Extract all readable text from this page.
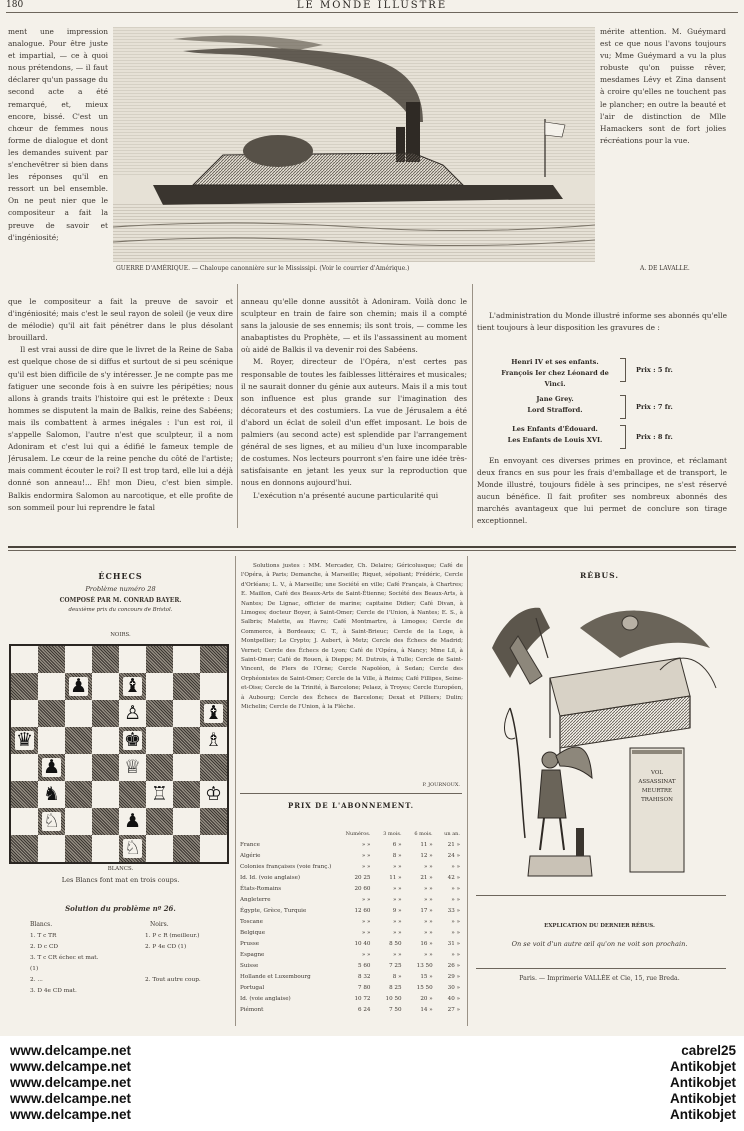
180	LE MONDE ILLUSTRÉ

ment une impression analogue. Pour être juste et impartial, — ce à quoi nous prétendons, — il faut déclarer qu'un passage du second acte a été remarqué, et, mieux encore, bissé. C'est un chœur de femmes nous forme de dialogue et dont les demandes suivent par s'enchevêtrer si bien dans les réponses qu'il en ressort un bel ensemble. On ne peut nier que le compositeur a fait la preuve de savoir et d'ingéniosité;

GUERRE D'AMÉRIQUE. — Chaloupe canonnière sur le Mississipi. (Voir le courrier d'Amérique.)	A. DE LAVALLE.

mérite attention. M. Guéymard est ce que nous l'avons toujours vu; Mme Guéymard a vu la plus robuste qu'on puisse rêver, mesdames Lévy et Zina dansent à croire qu'elles ne touchent pas le plancher; en outre la beauté et l'air de distinction de Mlle Hamackers sont de fort jolies récréations pour la vue.

que le compositeur a fait la preuve de savoir et d'ingéniosité; mais c'est le seul rayon de soleil (je veux dire de mélodie) qu'il ait fait pénétrer dans le plus désolant brouillard.

Il est vrai aussi de dire que le livret de la Reine de Saba est quelque chose de si diffus et surtout de si peu scénique qu'il est bien difficile de s'y intéresser. Je ne compte pas me fatiguer une seconde fois à en suivre les péripéties; nous allons à grands traits l'histoire qui est le prétexte : Deux hommes se disputent la main de Balkis, reine des Sabéens; mais ils combattent à armes inégales : l'un est roi, il s'appelle Salomon, l'autre n'est que sculpteur, il a nom Adoniram et c'est lui qui a édifié le fameux temple de Jérusalem. Le cœur de la reine penche du côté de l'artiste; mais comment écouter le roi? Il est trop tard, elle lui a déjà donné son anneau!... Eh! mon Dieu, c'est bien simple. Balkis endormira Salomon au narcotique, et elle profite de son sommeil pour lui reprendre le fatal

anneau qu'elle donne aussitôt à Adoniram. Voilà donc le sculpteur en train de faire son chemin; mais il a compté sans la jalousie de ses ennemis; ils sont trois, — comme les anabaptistes du Prophète, — et ils l'assassinent au moment où aidé de Balkis il va devenir roi des Sabéens.

M. Royer, directeur de l'Opéra, n'est certes pas responsable de toutes les faiblesses littéraires et musicales; il ne saurait donner du génie aux auteurs. Mais il a mis tout son influence est plus grande sur l'imagination des décorateurs et des costumiers. La vue de Jérusalem a été d'abord un éclat de soleil d'un effet imposant. Le bois de palmiers (au second acte) est splendide par l'arrangement général de ses lignes, et au milieu d'un luxe incomparable de costumes. Nos lecteurs pourront s'en faire une idée très-satisfaisante en jetant les yeux sur la reproduction que nous en donnons aujourd'hui.

L'exécution n'a présenté aucune particularité qui

L'administration du Monde illustré informe ses abonnés qu'elle tient toujours à leur disposition les gravures de :

Henri IV et ses enfants.
François Ier chez Léonard de Vinci.
Prix : 5 fr.
Jane Grey.
Lord Strafford.	Prix : 7 fr.
Les Enfants d'Édouard.
Les Enfants de Louis XVI.	Prix : 8 fr.

En envoyant ces diverses primes en province, et réclamant deux francs en sus pour les frais d'emballage et de transport, le Monde illustré, toujours fidèle à ses principes, ne s'est réservé aucun bénéfice. Il fait profiter ses nombreux abonnés des marchés avantageux que lui permet de conclure son tirage exceptionnel.

ÉCHECS
Problème numéro 28
COMPOSÉ PAR M. CONRAD BAYER.
deuxième prix du concours de Bristol.
NOIRS.
♟ ♝
♙	♝
♛	♚	♗
♟	♕
♞	♖ ♔
♘	♟
♘
BLANCS.
Les Blancs font mat en trois coups.
Solution du problème nº 26.
Blancs.	Noirs.

Solutions justes : MM. Mercader, Ch. Delaire; Géricolusque; Café de l'Opéra, à Paris; Demanche, à Marseille; Riquet, sépoliant; Frédéric, Cercle d'Orléans; L. V., à Marseille; une Société en ville; Café Français, à Chartres; E. Maillon, Café des Beaux-Arts de Saint-Étienne; Société des Beaux-Arts, à Nantes; De Lignac, officier de marine; capitaine Didier; Café Divan, à Limoges; docteur Boyer, à Saint-Omer; Cercle de l'Union, à Nantes; E. S., à Salbris; Malette, au Havre; Café Montmartre, à Limoges; Cercle de Commerce, à Bordeaux; C. T., à Saint-Brieuc; Cercle de la Loge, à Montpellier; Le Crypto; J. Aubert, à Metz; Cercle des Échecs de Madrid; Vernet; Cercle des Échecs de Lyon; Café de l'Opéra, à Nancy; Mme Lil, à Saint-Omer; Café de Rouen, à Dieppe; M. Dutrois, à Tulle; Cercle de Saint-Vincent, de Flers de l'Orne; Cercle Napoléon, à Sedan; Cercle des Orphéonistes de Saint-Omer; Cercle de la Ville, à Reims; Café Fillipes, Seine-et-Oise; Cercle de la Trinité, à Barcelone; Pelaez, à Troyes; Cercle Européen, à Aubourg; Cercle des Échecs de Barcelone; Dexat et Pilliers; Dulin; Michelin; Cercle de l'Union, à la Flèche.

P. JOURNOUX.
PRIX DE L'ABONNEMENT.
	Numéros.	3 mois.	6 mois.	un an.
France	» »	6 »	11 »	21 »
Algérie	» »	8 »	12 »	24 »
Colonies françaises (voie franç.)	» »	» »	» »	» »
Id. Id. (voie anglaise)	20 25	11 »	21 »	42 »
États-Romains	20 60	» »	» »	» »
Angleterre	» »	» »	» »	» »
Égypte, Grèce, Turquie	12 60	9 »	17 »	33 »
Toscane	» »	» »	» »	» »
Belgique	» »	» »	» »	» »
Prusse	10 40	8 50	16 »	31 »
Espagne	» »	» »	» »	» »
Suisse	5 60	7 25	13 50	26 »
Hollande et Luxembourg	8 32	8 »	15 »	29 »
Portugal	7 80	8 25	15 50	30 »
Id. (voie anglaise)	10 72	10 50	20 »	40 »
Piémont	6 24	7 50	14 »	27 »
RÉBUS.
VOL ASSASSINAT MEURTRE TRAHISON
EXPLICATION DU DERNIER RÉBUS.
On se voit d'un autre œil qu'on ne voit son prochain.
Paris. — Imprimerie VALLÉE et Cie, 15, rue Breda.
1. T c TR	1. P c R (meilleur.)
2. D c CD	2. P 4e CD (1)
3. T c CR échec et mat.
(1)
2. ...	2. Tout autre coup.
3. D 4e CD mat.
www.delcampe.net
www.delcampe.net
www.delcampe.net
www.delcampe.net
www.delcampe.net
cabrel25
Antikobjet
Antikobjet
Antikobjet
Antikobjet
